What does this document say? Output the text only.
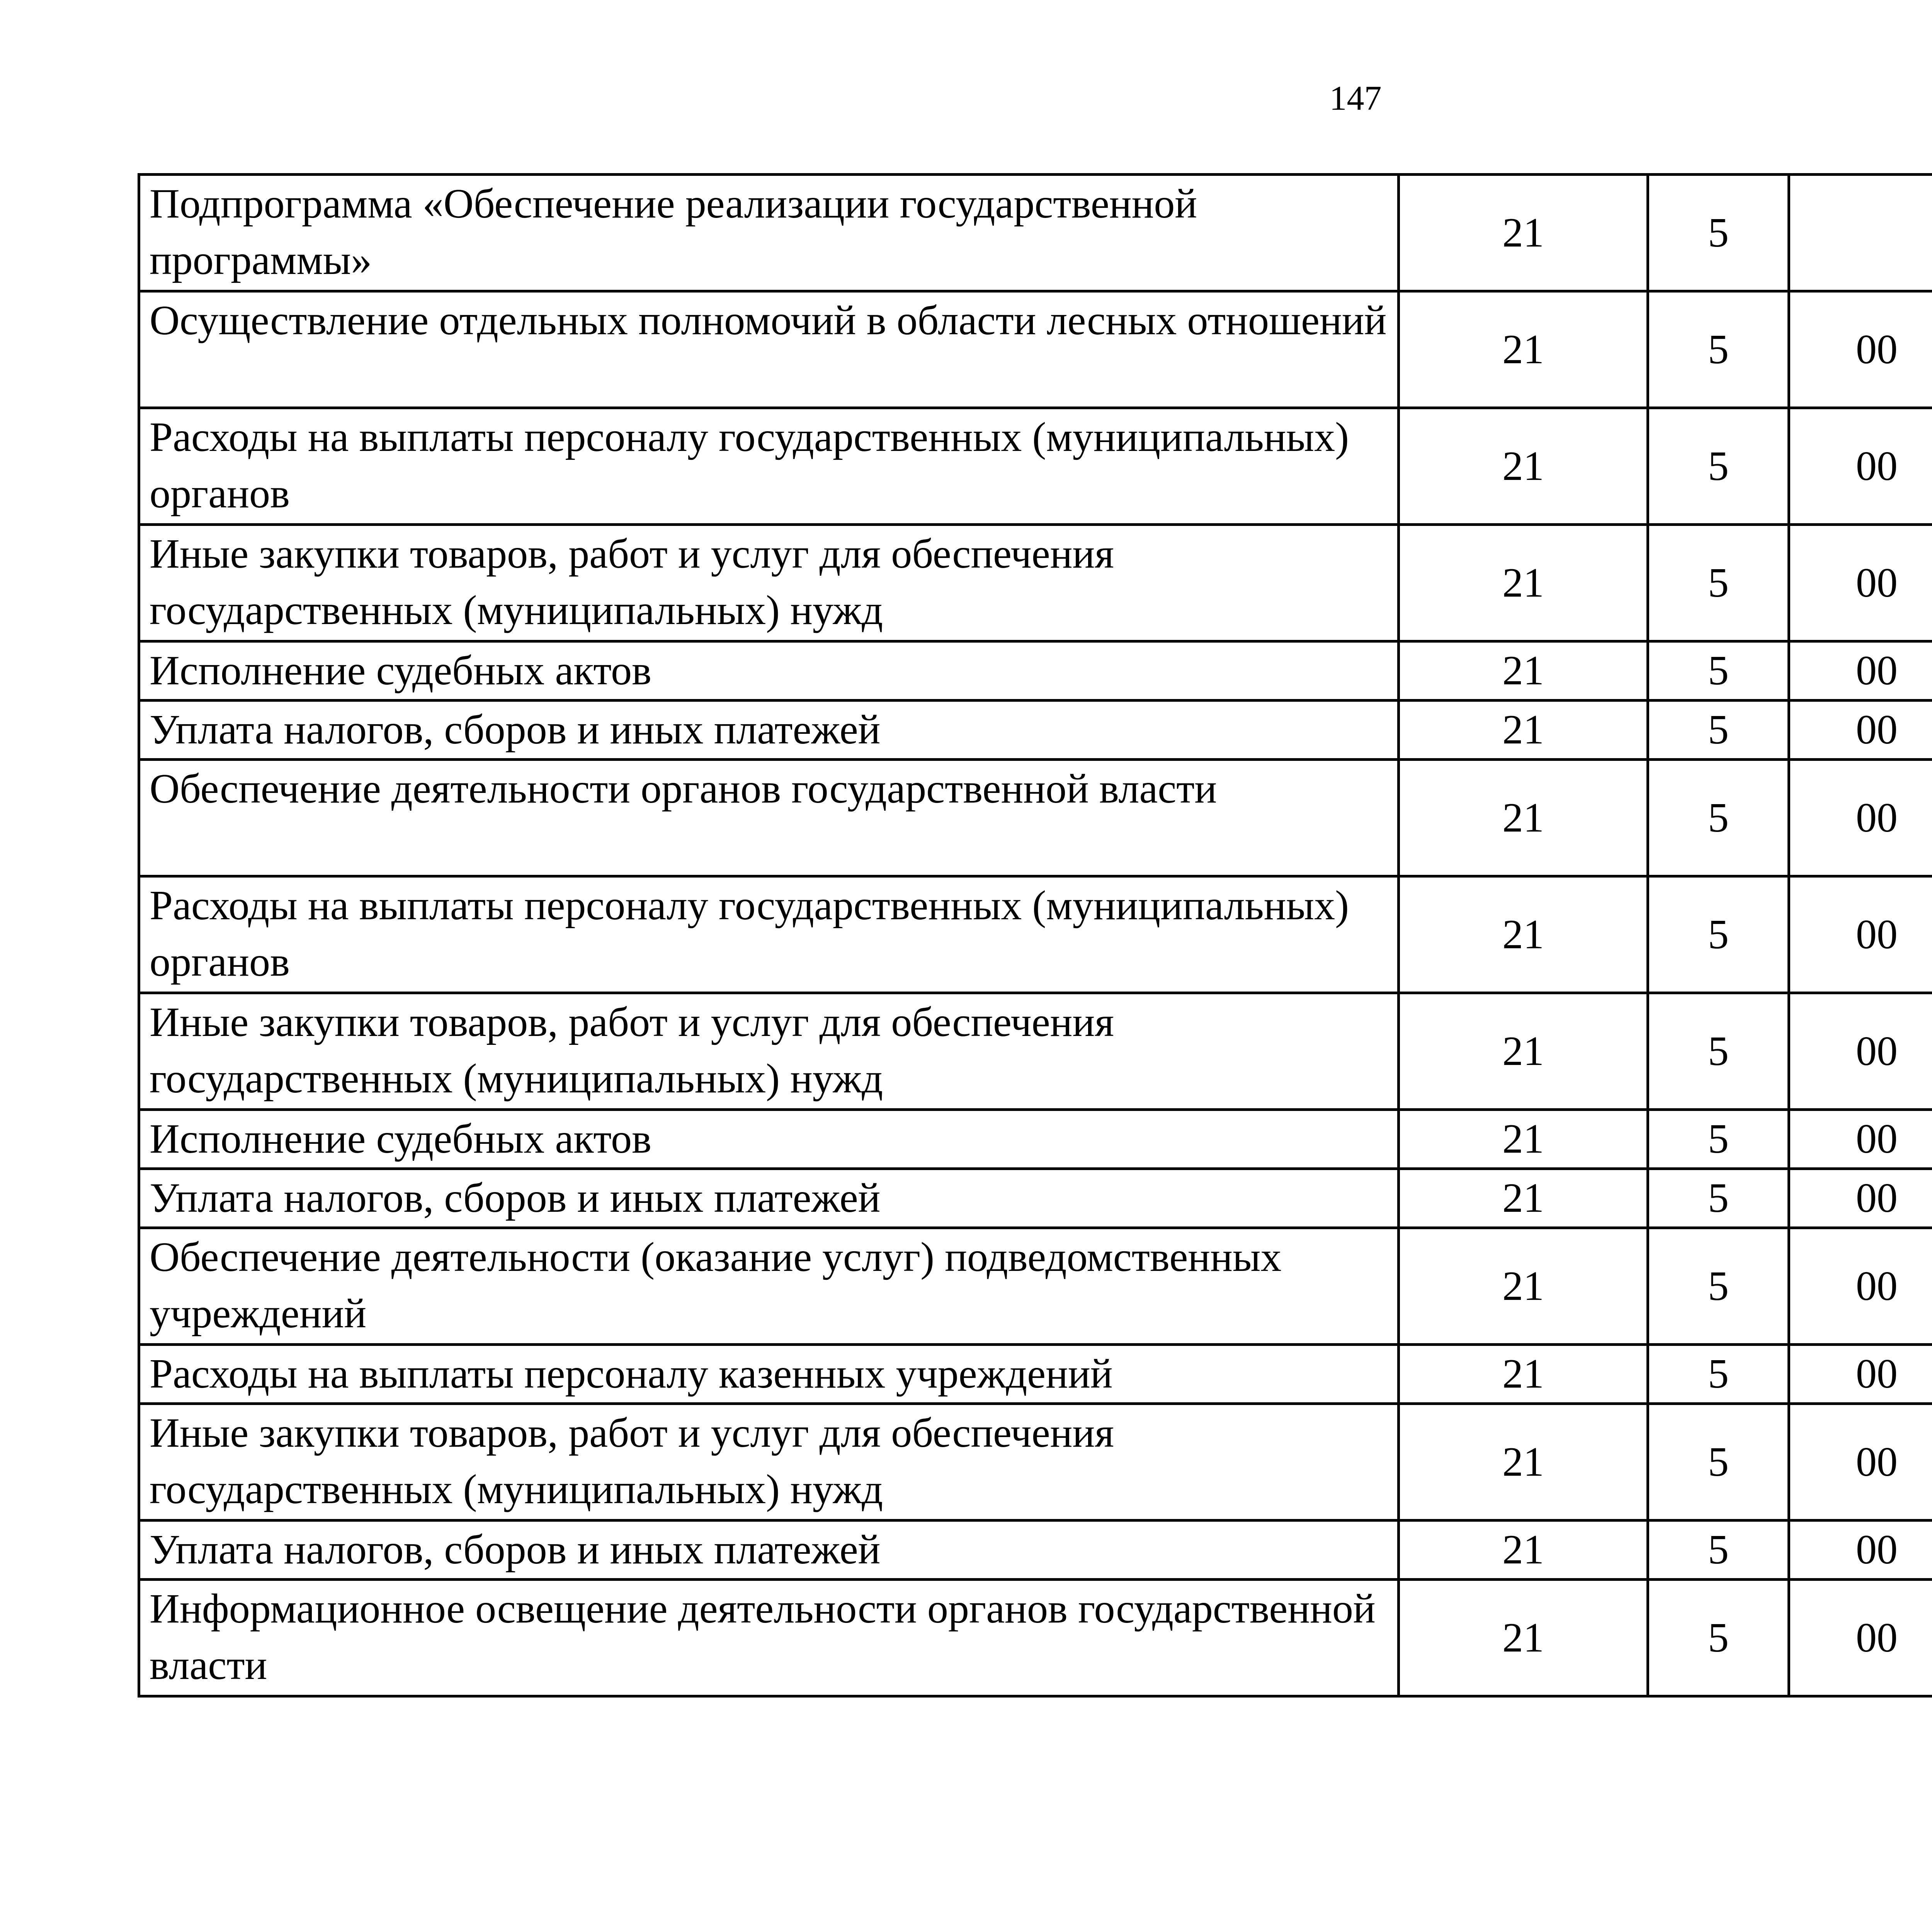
147
Подпрограмма «Обеспечение реализации государственной программы»	21	5				
Осуществление отдельных полномочий в области лесных отношений	21	5	00			
Расходы на выплаты персоналу государственных (муниципальных) органов	21	5	00			
Иные закупки товаров, работ и услуг для обеспечения государственных (муниципальных) нужд	21	5	00			
Исполнение судебных актов	21	5	00			
Уплата налогов, сборов и иных платежей	21	5	00			
Обеспечение деятельности органов государственной власти	21	5	00			
Расходы на выплаты персоналу государственных (муниципальных) органов	21	5	00			
Иные закупки товаров, работ и услуг для обеспечения государственных (муниципальных) нужд	21	5	00			
Исполнение судебных актов	21	5	00			
Уплата налогов, сборов и иных платежей	21	5	00			
Обеспечение деятельности (оказание услуг) подведомственных учреждений	21	5	00			
Расходы на выплаты персоналу казенных учреждений	21	5	00			
Иные закупки товаров, работ и услуг для обеспечения государственных (муниципальных) нужд	21	5	00			
Уплата налогов, сборов и иных платежей	21	5	00			
Информационное освещение деятельности органов государственной власти	21	5	00			
